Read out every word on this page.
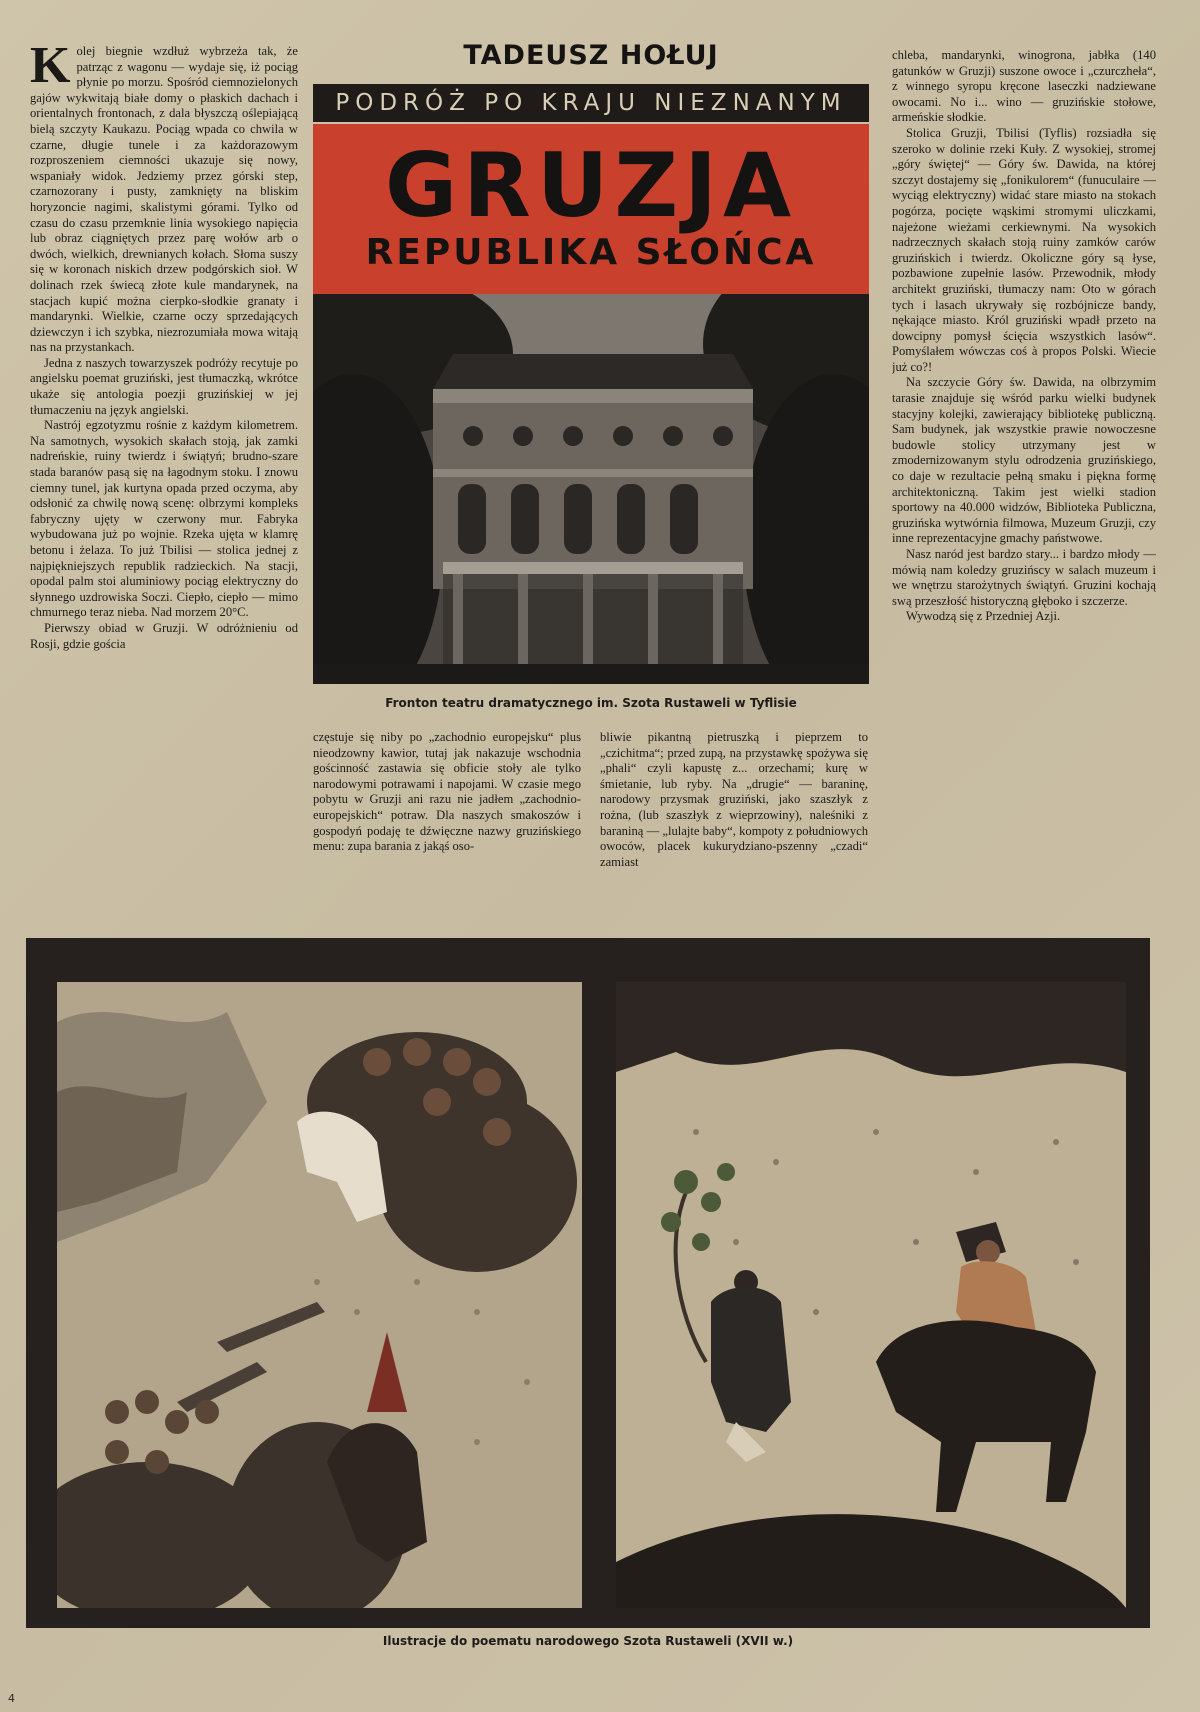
Kolej biegnie wzdłuż wybrzeża tak, że patrząc z wagonu — wydaje się, iż pociąg płynie po morzu. Spośród ciemnozielonych gajów wykwitają białe domy o płaskich dachach i orientalnych frontonach, z dala błyszczą oślepiającą bielą szczyty Kaukazu. Pociąg wpada co chwila w czarne, długie tunele i za każdorazowym rozproszeniem ciemności ukazuje się nowy, wspaniały widok. Jedziemy przez górski step, czarnozorany i pusty, zamknięty na bliskim horyzoncie nagimi, skalistymi górami. Tylko od czasu do czasu przemknie linia wysokiego napięcia lub obraz ciągniętych przez parę wołów arb o dwóch, wielkich, drewnianych kołach. Słoma suszy się w koronach niskich drzew podgórskich sioł. W dolinach rzek świecą złote kule mandarynek, na stacjach kupić można cierpko-słodkie granaty i mandarynki. Wielkie, czarne oczy sprzedających dziewczyn i ich szybka, niezrozumiała mowa witają nas na przystankach.

Jedna z naszych towarzyszek podróży recytuje po angielsku poemat gruziński, jest tłumaczką, wkrótce ukaże się antologia poezji gruzińskiej w jej tłumaczeniu na język angielski.

Nastrój egzotyzmu rośnie z każdym kilometrem. Na samotnych, wysokich skałach stoją, jak zamki nadreńskie, ruiny twierdz i świątyń; brudno-szare stada baranów pasą się na łagodnym stoku. I znowu ciemny tunel, jak kurtyna opada przed oczyma, aby odsłonić za chwilę nową scenę: olbrzymi kompleks fabryczny ujęty w czerwony mur. Fabryka wybudowana już po wojnie. Rzeka ujęta w klamrę betonu i żelaza. To już Tbilisi — stolica jednej z najpiękniejszych republik radzieckich. Na stacji, opodal palm stoi aluminiowy pociąg elektryczny do słynnego uzdrowiska Soczi. Ciepło, ciepło — mimo chmurnego teraz nieba. Nad morzem 20°C.

Pierwszy obiad w Gruzji. W odróżnieniu od Rosji, gdzie gościa

TADEUSZ HOŁUJ
PODRÓŻ PO KRAJU NIEZNANYM
GRUZJA
REPUBLIKA SŁOŃCA
Fronton teatru dramatycznego im. Szota Rustaweli w Tyflisie

częstuje się niby po „zachodnio europejsku“ plus nieodzowny kawior, tutaj jak nakazuje wschodnia gościnność zastawia się obficie stoły ale tylko narodowymi potrawami i napojami. W czasie mego pobytu w Gruzji ani razu nie jadłem „zachodnio-europejskich“ potraw. Dla naszych smakoszów i gospodyń podaję te dźwięczne nazwy gruzińskiego menu: zupa barania z jakąś oso-

bliwie pikantną pietruszką i pieprzem to „czichitma“; przed zupą, na przystawkę spożywa się „phali“ czyli kapustę z... orzechami; kurę w śmietanie, lub ryby. Na „drugie“ — baraninę, narodowy przysmak gruziński, jako szaszłyk z rożna, (lub szaszłyk z wieprzowiny), naleśniki z baraniną — „lulajte baby“, kompoty z południowych owoców, placek kukurydziano-pszenny „czadi“ zamiast

chleba, mandarynki, winogrona, jabłka (140 gatunków w Gruzji) suszone owoce i „czurczheła“, z winnego syropu kręcone laseczki nadziewane owocami. No i... wino — gruzińskie stołowe, armeńskie słodkie.

Stolica Gruzji, Tbilisi (Tyflis) rozsiadła się szeroko w dolinie rzeki Kuły. Z wysokiej, stromej „góry świętej“ — Góry św. Dawida, na której szczyt dostajemy się „fonikulorem“ (funuculaire — wyciąg elektryczny) widać stare miasto na stokach pogórza, pocięte wąskimi stromymi uliczkami, najeżone wieżami cerkiewnymi. Na wysokich nadrzecznych skałach stoją ruiny zamków carów gruzińskich i twierdz. Okoliczne góry są łyse, pozbawione zupełnie lasów. Przewodnik, młody architekt gruziński, tłumaczy nam: Oto w górach tych i lasach ukrywały się rozbójnicze bandy, nękające miasto. Król gruziński wpadł przeto na dowcipny pomysł ścięcia wszystkich lasów“. Pomyślałem wówczas coś à propos Polski. Wiecie już co?!

Na szczycie Góry św. Dawida, na olbrzymim tarasie znajduje się wśród parku wielki budynek stacyjny kolejki, zawierający bibliotekę publiczną. Sam budynek, jak wszystkie prawie nowoczesne budowle stolicy utrzymany jest w zmodernizowanym stylu odrodzenia gruzińskiego, co daje w rezultacie pełną smaku i piękna formę architektoniczną. Takim jest wielki stadion sportowy na 40.000 widzów, Biblioteka Publiczna, gruzińska wytwórnia filmowa, Muzeum Gruzji, czy inne reprezentacyjne gmachy państwowe.

Nasz naród jest bardzo stary... i bardzo młody — mówią nam koledzy gruzińscy w salach muzeum i we wnętrzu starożytnych świątyń. Gruzini kochają swą przeszłość historyczną głęboko i szczerze.

Wywodzą się z Przedniej Azji.

Ilustracje do poematu narodowego Szota Rustaweli (XVII w.)
4
